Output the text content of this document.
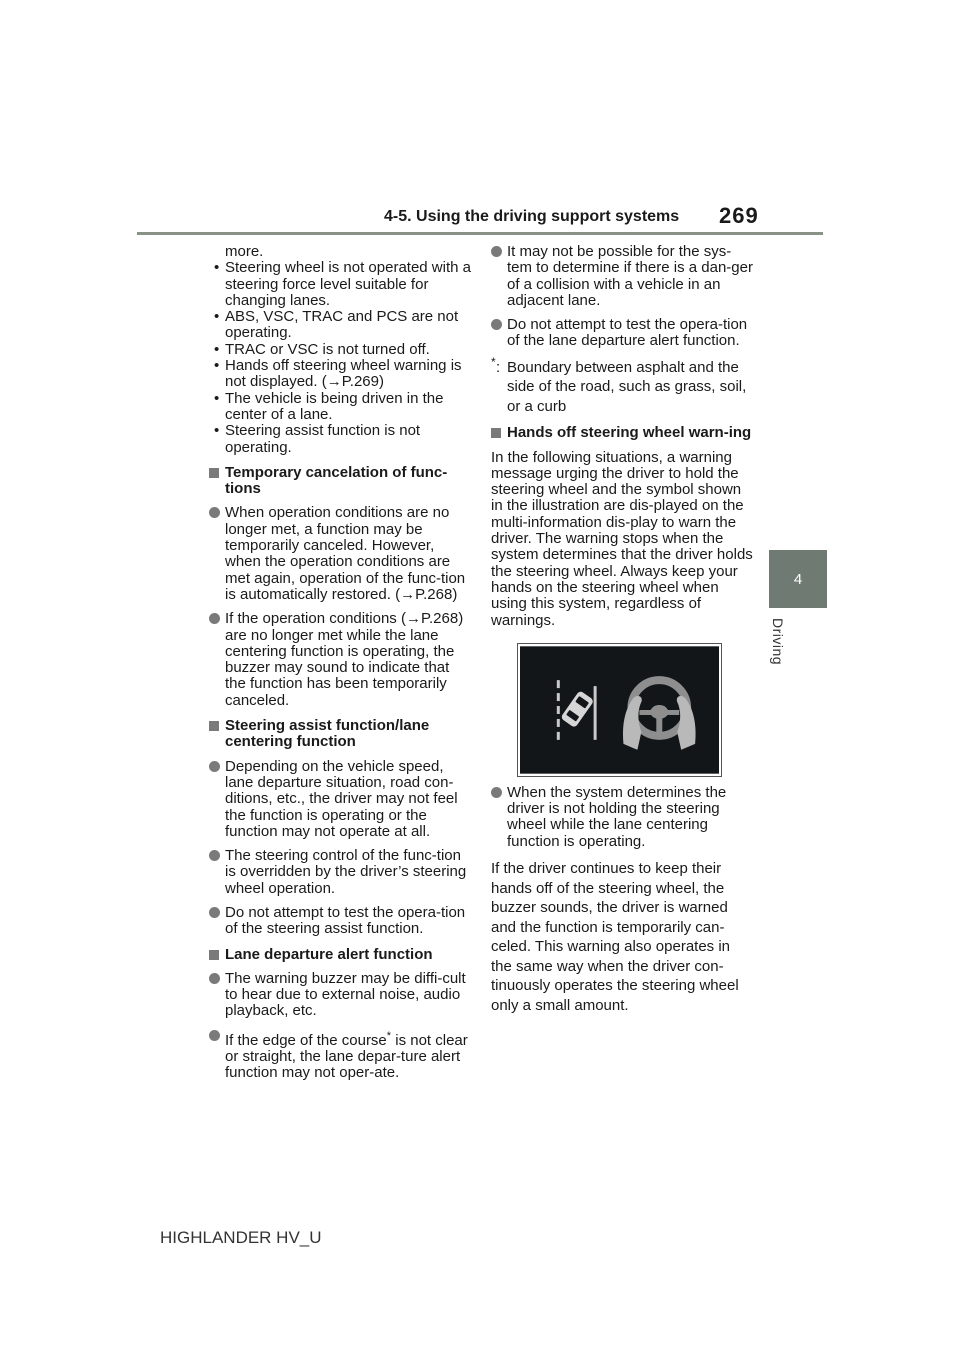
4-5. Using the driving support systems 269
4
Driving

more.

• Steering wheel is not operated with a steering force level suitable for changing lanes.
• ABS, VSC, TRAC and PCS are not operating.
• TRAC or VSC is not turned off.
• Hands off steering wheel warning is not displayed. (→P.269)
• The vehicle is being driven in the center of a lane.
• Steering assist function is not operating.
Temporary cancelation of func-tions
When operation conditions are no longer met, a function may be temporarily canceled. However, when the operation conditions are met again, operation of the func-tion is automatically restored. (→P.268)
If the operation conditions (→P.268) are no longer met while the lane centering function is operating, the buzzer may sound to indicate that the function has been temporarily canceled.
Steering assist function/lane centering function
Depending on the vehicle speed, lane departure situation, road con-ditions, etc., the driver may not feel the function is operating or the function may not operate at all.
The steering control of the func-tion is overridden by the driver’s steering wheel operation.
Do not attempt to test the opera-tion of the steering assist function.
Lane departure alert function
The warning buzzer may be diffi-cult to hear due to external noise, audio playback, etc.
If the edge of the course* is not clear or straight, the lane depar-ture alert function may not oper-ate.
It may not be possible for the sys-tem to determine if there is a dan-ger of a collision with a vehicle in an adjacent lane.
Do not attempt to test the opera-tion of the lane departure alert function.
* : Boundary between asphalt and the side of the road, such as grass, soil, or a curb
Hands off steering wheel warn-ing

In the following situations, a warning message urging the driver to hold the steering wheel and the symbol shown in the illustration are dis-played on the multi-information dis-play to warn the driver. The warning stops when the system determines that the driver holds the steering wheel. Always keep your hands on the steering wheel when using this system, regardless of warnings.

When the system determines the driver is not holding the steering wheel while the lane centering function is operating.

If the driver continues to keep their hands off of the steering wheel, the buzzer sounds, the driver is warned and the function is temporarily can-celed. This warning also operates in the same way when the driver con-tinuously operates the steering wheel only a small amount.

HIGHLANDER HV_U
